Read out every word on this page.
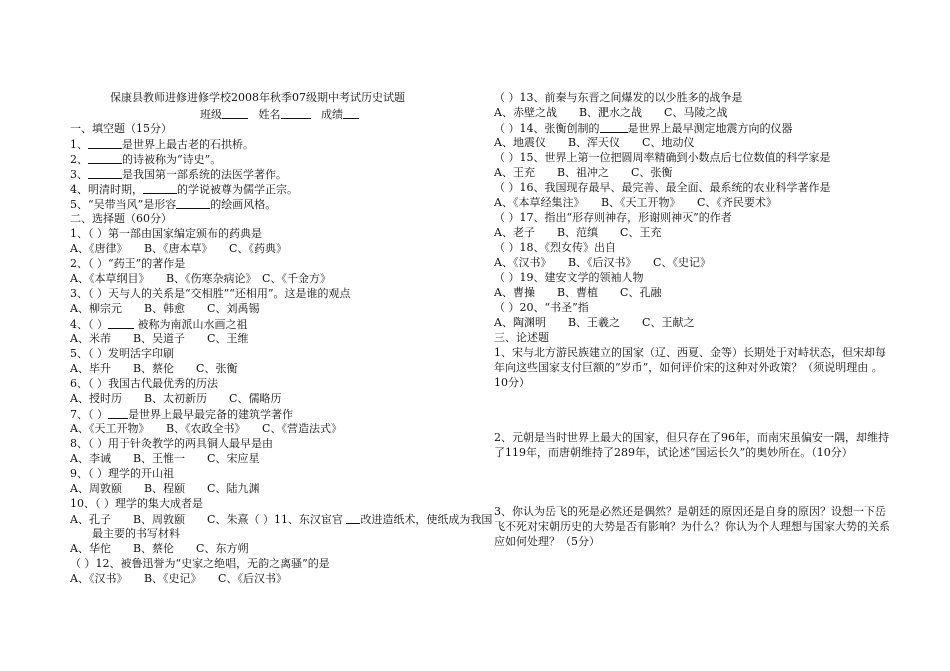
保康县教师进修进修学校2008年秋季07级期中考试历史试题
班级	姓名	成绩
一、填空题（15分）
1、	是世界上最古老的石拱桥。
2、	的诗被称为“诗史”。
3、	是我国第一部系统的法医学著作。
4、明清时期，	的学说被尊为儒学正宗。
5、“吴带当风”是形容	的绘画风格。
二、选择题（60分）
1、（ ）第一部由国家编定颁布的药典是
A、《唐律》　　B、《唐本草》　　C、《药典》
2、（ ）“药王”的著作是
A、《本草纲目》　　B、《伤寒杂病论》　C、《千金方》
3、（ ）天与人的关系是“交相胜”“还相用”。这是谁的观点
A、柳宗元　　B、韩愈　　C、刘禹锡
4、（ ）	被称为南派山水画之祖
A、米芾　　B、吴道子　　C、王维
5、（ ）发明活字印刷
A、毕升　　B、蔡伦　　C、张衡
6、（ ）我国古代最优秀的历法
A、授时历　　B、太初新历　　C、儒略历
7、（ ） 是世界上最早最完备的建筑学著作
A、《天工开物》　　B、《农政全书》　　C、《营造法式》
8、（ ）用于针灸教学的两具铜人最早是由
A、李诫　　B、王惟一　　C、宋应星
9、（ ）理学的开山祖
A、周敦颐　　B、程颐　　C、陆九渊
10、（ ）理学的集大成者是
A、孔子　　B、周敦颐　　C、朱熹（ ）11、东汉宦官 改进造纸术，使纸成为我国
最主要的书写材料
A、华佗　　B、蔡伦　　C、东方朔
（ ）12、被鲁迅誉为“史家之绝唱，无韵之离骚”的是
A、《汉书》　　B、《史记》　　C、《后汉书》
（ ）13、前秦与东晋之间爆发的以少胜多的战争是
A、赤壁之战　　B、淝水之战　　C、马陵之战
（ ）14、张衡创制的	是世界上最早测定地震方向的仪器
A、地震仪　　B、浑天仪　　C、地动仪
（ ）15、世界上第一位把圆周率精确到小数点后七位数值的科学家是
A、王充　　B、祖冲之　　C、张衡
（ ）16、我国现存最早、最完善、最全面、最系统的农业科学著作是
A、《本草经集注》　　B、《天工开物》　　C、《齐民要术》
（ ）17、指出“形存则神存，形谢则神灭”的作者
A、老子　　B、范缜　　C、王充
（ ）18、《烈女传》出自
A、《汉书》　　B、《后汉书》　　C、《史记》
（ ）19、建安文学的领袖人物
A、曹操　　B、曹植　　C、孔融
（ ）20、“书圣”指
A、陶渊明　　B、王羲之　　C、王献之
三、论述题
1、宋与北方游民族建立的国家（辽、西夏、金等）长期处于对峙状态，但宋却每年向这些国家支付巨额的“岁币”，如何评价宋的这种对外政策？（须说明理由 。10分）
2、元朝是当时世界上最大的国家，但只存在了96年，而南宋虽偏安一隅，却维持了119年，而唐朝维持了289年，试论述“国运长久”的奥妙所在。（10分）
3、你认为岳飞的死是必然还是偶然？是朝廷的原因还是自身的原因？设想一下岳飞不死对宋朝历史的大势是否有影响？为什么？你认为个人理想与国家大势的关系应如何处理？（5分）
